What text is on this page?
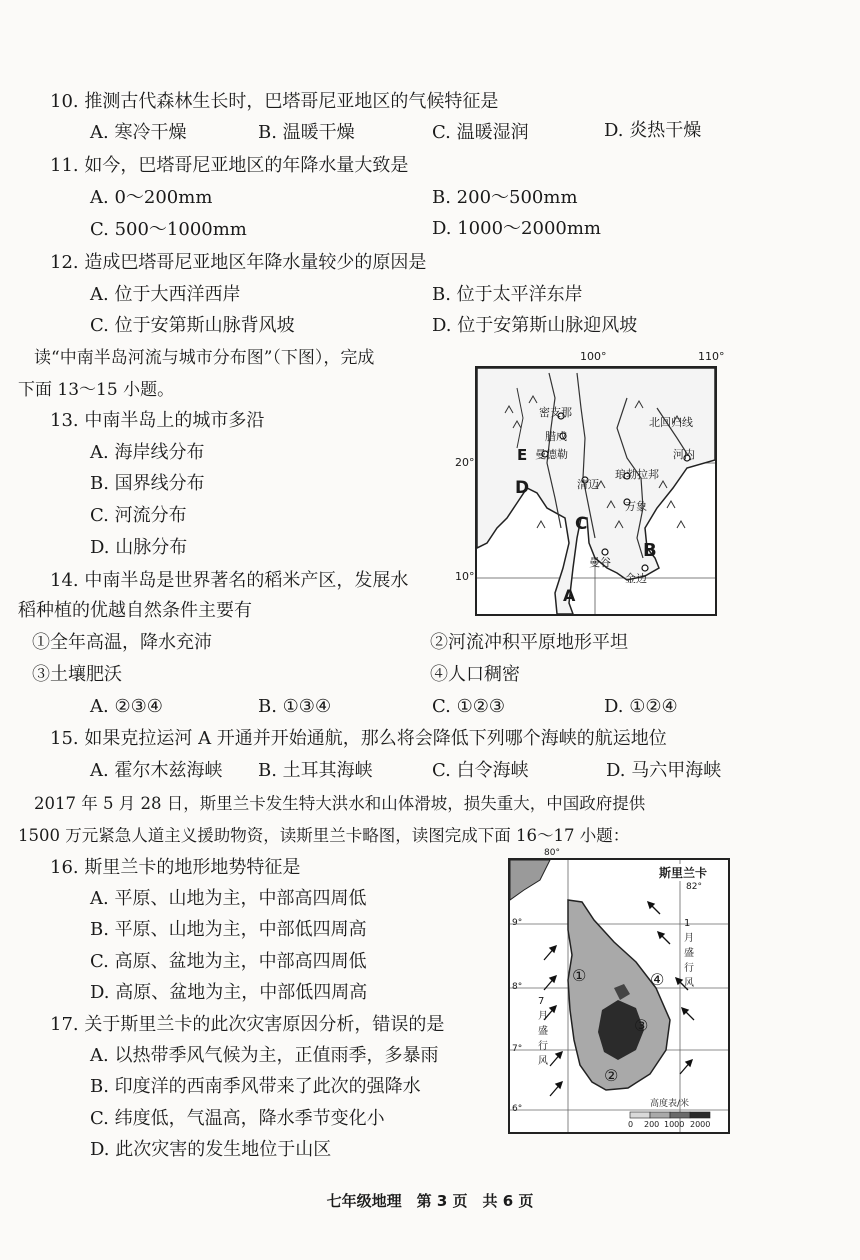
10. 推测古代森林生长时，巴塔哥尼亚地区的气候特征是
A. 寒冷干燥	B. 温暖干燥	C. 温暖湿润	D. 炎热干燥
11. 如今，巴塔哥尼亚地区的年降水量大致是
A. 0～200mm	B. 200～500mm
C. 500～1000mm	D. 1000～2000mm
12. 造成巴塔哥尼亚地区年降水量较少的原因是
A. 位于大西洋西岸	B. 位于太平洋东岸
C. 位于安第斯山脉背风坡	D. 位于安第斯山脉迎风坡
读“中南半岛河流与城市分布图”（下图），完成
下面 13～15 小题。
13. 中南半岛上的城市多沿
A. 海岸线分布
B. 国界线分布
C. 河流分布
D. 山脉分布
密支那
腊戍
曼德勒	河内
清迈
琅勃拉邦
万象
曼谷
金边
北回归线
A
B
C
D
E
100°	110°
20°
10°
14. 中南半岛是世界著名的稻米产区，发展水
稻种植的优越自然条件主要有
①全年高温，降水充沛	②河流冲积平原地形平坦
③土壤肥沃	④人口稠密
A. ②③④	B. ①③④	C. ①②③	D. ①②④
15. 如果克拉运河 A 开通并开始通航，那么将会降低下列哪个海峡的航运地位
A. 霍尔木兹海峡 B. 土耳其海峡	C. 白令海峡	D. 马六甲海峡
2017 年 5 月 28 日，斯里兰卡发生特大洪水和山体滑坡，损失重大，中国政府提供
1500 万元紧急人道主义援助物资，读斯里兰卡略图，读图完成下面 16～17 小题：
16. 斯里兰卡的地形地势特征是
A. 平原、山地为主，中部高四周低
B. 平原、山地为主，中部低四周高
C. 高原、盆地为主，中部高四周低
D. 高原、盆地为主，中部低四周高
17. 关于斯里兰卡的此次灾害原因分析，错误的是
A. 以热带季风气候为主，正值雨季，多暴雨
B. 印度洋的西南季风带来了此次的强降水
C. 纬度低，气温高，降水季节变化小
D. 此次灾害的发生地位于山区
斯里兰卡
82°
9°
8°
7°
6°
7月盛行风
1月盛行风
①
②
③
④
高度表/米
0 200 1000 2000
80°
七年级地理　第 3 页　共 6 页
